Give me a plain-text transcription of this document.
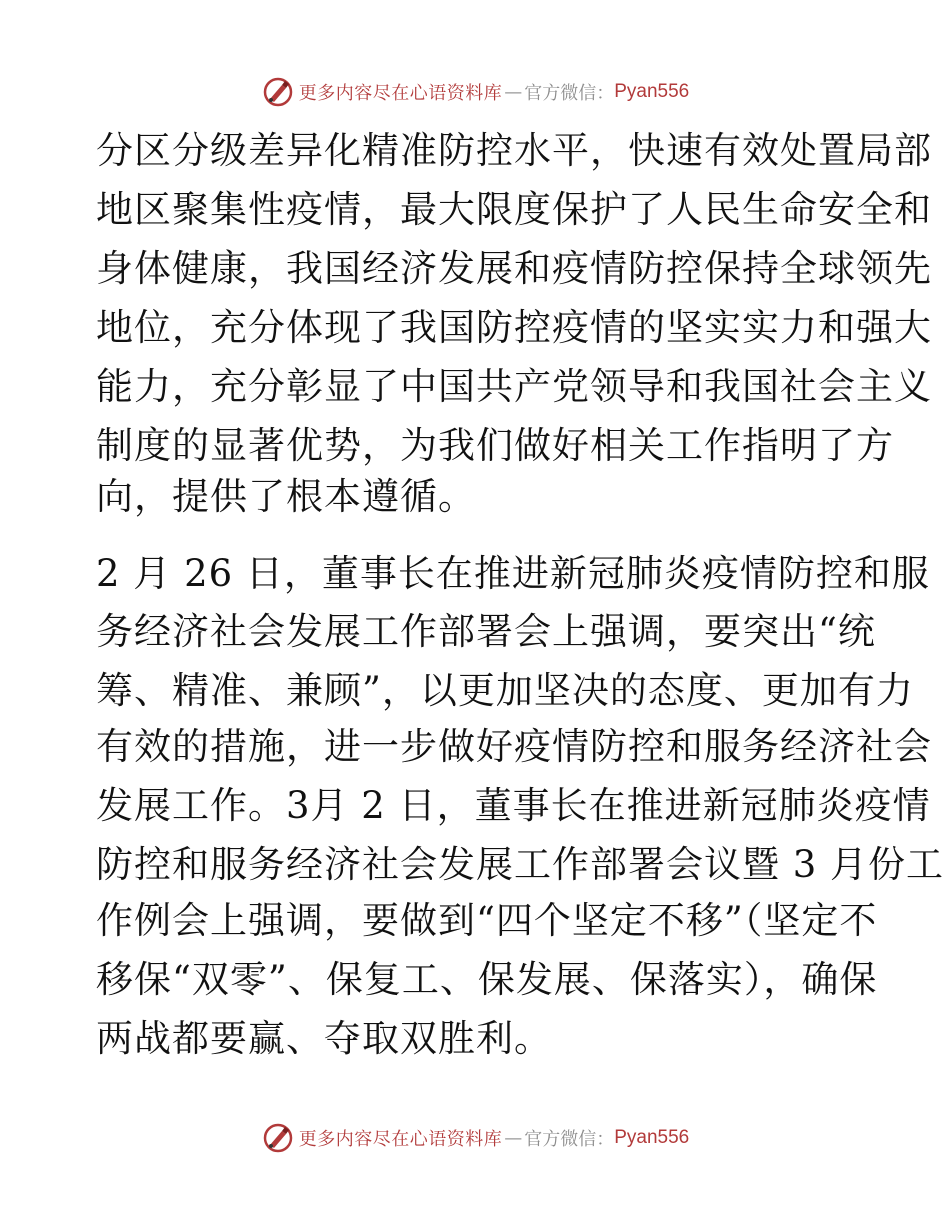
更多内容尽在心语资料库 — 官方微信： Pyan556
分区分级差异化精准防控水平，快速有效处置局部
地区聚集性疫情，最大限度保护了人民生命安全和
身体健康，我国经济发展和疫情防控保持全球领先
地位，充分体现了我国防控疫情的坚实实力和强大
能力，充分彰显了中国共产党领导和我国社会主义
制度的显著优势，为我们做好相关工作指明了方
向，提供了根本遵循。
2 月 26 日，董事长在推进新冠肺炎疫情防控和服
务经济社会发展工作部署会上强调，要突出“统
筹、精准、兼顾”，以更加坚决的态度、更加有力
有效的措施，进一步做好疫情防控和服务经济社会
发展工作。3月 2 日，董事长在推进新冠肺炎疫情
防控和服务经济社会发展工作部署会议暨 3 月份工
作例会上强调，要做到“四个坚定不移”（坚定不
移保“双零”、保复工、保发展、保落实），确保
两战都要赢、夺取双胜利。
更多内容尽在心语资料库 — 官方微信： Pyan556
